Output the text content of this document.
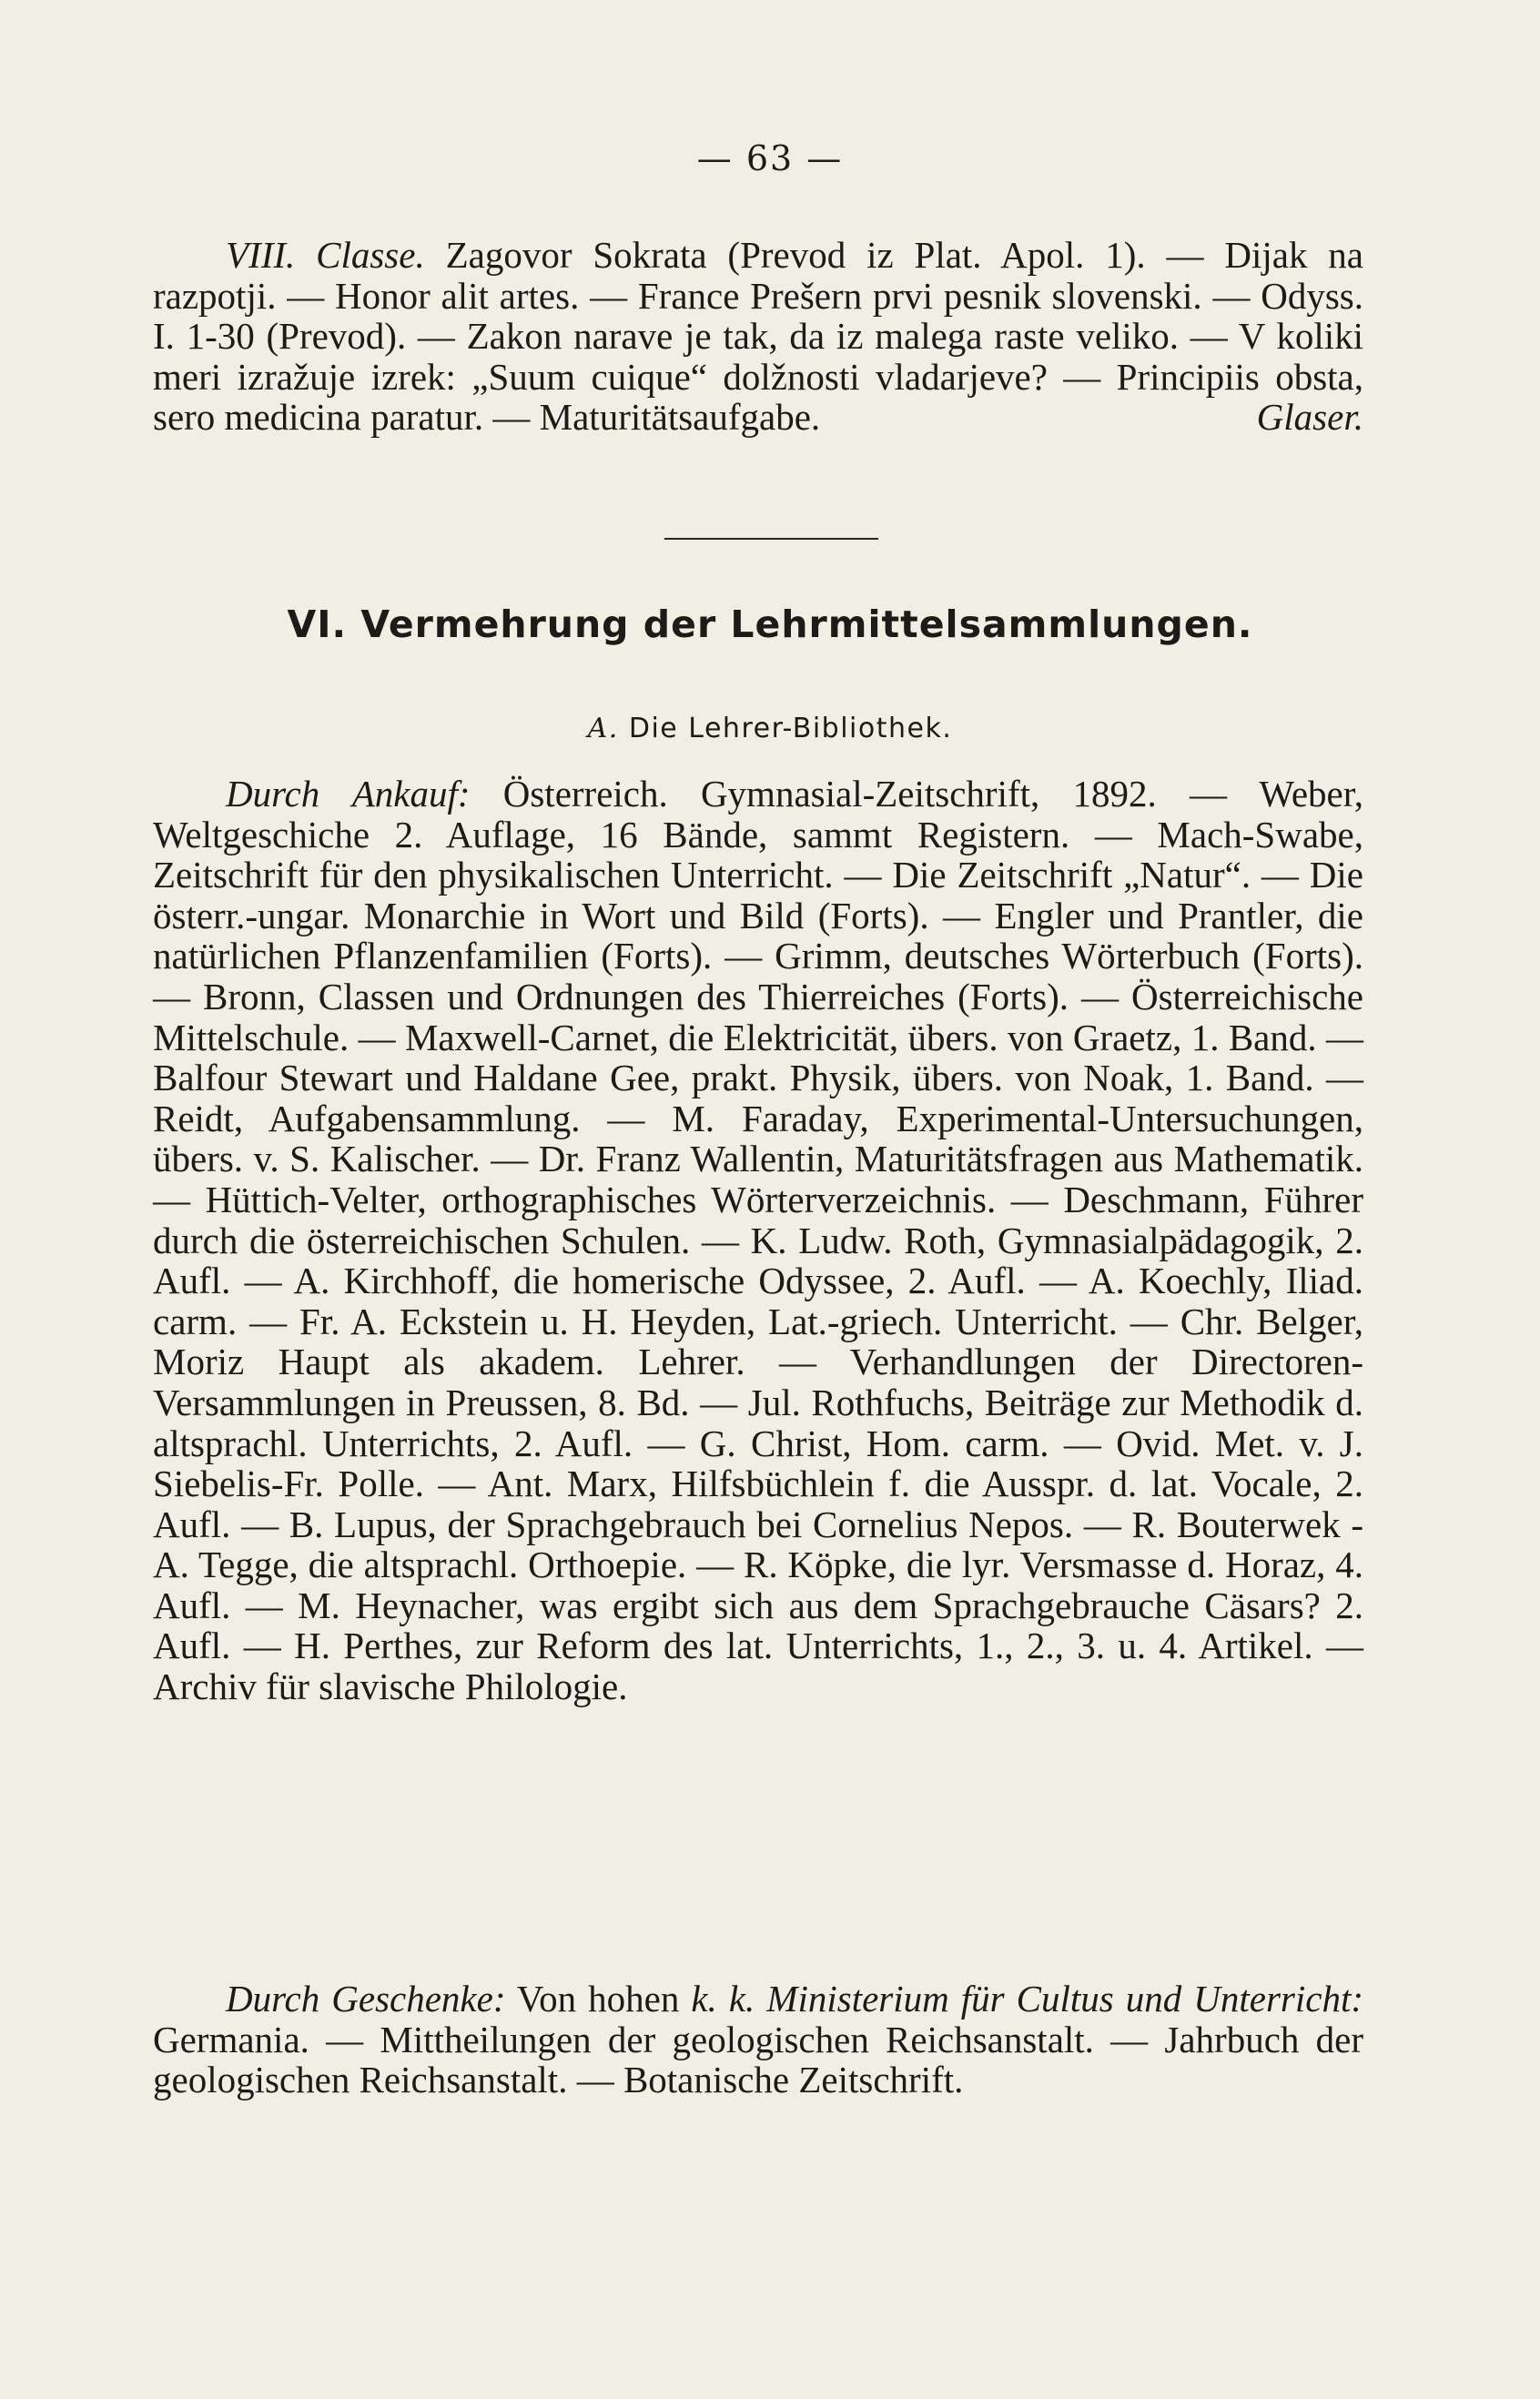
— 63 —

VIII. Classe. Zagovor Sokrata (Prevod iz Plat. Apol. 1). — Dijak na razpotji. — Honor alit artes. — France Prešern prvi pesnik slovenski. — Odyss. I. 1-30 (Prevod). — Zakon narave je tak, da iz malega raste veliko. — V koliki meri izražuje izrek: „Suum cuique“ dolžnosti vladarjeve? — Principiis obsta, sero medicina paratur. — Maturitätsaufgabe.	Glaser.

VI. Vermehrung der Lehrmittelsammlungen.
A. Die Lehrer-Bibliothek.

Durch Ankauf: Österreich. Gymnasial-Zeitschrift, 1892. — Weber, Weltgeschiche 2. Auflage, 16 Bände, sammt Registern. — Mach-Swabe, Zeitschrift für den physikalischen Unterricht. — Die Zeitschrift „Natur“. — Die österr.-ungar. Monarchie in Wort und Bild (Forts). — Engler und Prantler, die natürlichen Pflanzenfamilien (Forts). — Grimm, deutsches Wörterbuch (Forts). — Bronn, Classen und Ordnungen des Thierreiches (Forts). — Österreichische Mittelschule. — Maxwell-Carnet, die Elektricität, übers. von Graetz, 1. Band. — Balfour Stewart und Haldane Gee, prakt. Physik, übers. von Noak, 1. Band. — Reidt, Aufgabensammlung. — M. Faraday, Experimental-Untersuchungen, übers. v. S. Kalischer. — Dr. Franz Wallentin, Maturitätsfragen aus Mathematik. — Hüttich-Velter, orthographisches Wörterverzeichnis. — Deschmann, Führer durch die österreichischen Schulen. — K. Ludw. Roth, Gymnasialpädagogik, 2. Aufl. — A. Kirchhoff, die homerische Odyssee, 2. Aufl. — A. Koechly, Iliad. carm. — Fr. A. Eckstein u. H. Heyden, Lat.-griech. Unterricht. — Chr. Belger, Moriz Haupt als akadem. Lehrer. — Verhandlungen der Directoren-Versammlungen in Preussen, 8. Bd. — Jul. Rothfuchs, Beiträge zur Methodik d. altsprachl. Unterrichts, 2. Aufl. — G. Christ, Hom. carm. — Ovid. Met. v. J. Siebelis-Fr. Polle. — Ant. Marx, Hilfsbüchlein f. die Ausspr. d. lat. Vocale, 2. Aufl. — B. Lupus, der Sprachgebrauch bei Cornelius Nepos. — R. Bouterwek - A. Tegge, die altsprachl. Orthoepie. — R. Köpke, die lyr. Versmasse d. Horaz, 4. Aufl. — M. Heynacher, was ergibt sich aus dem Sprachgebrauche Cäsars? 2. Aufl. — H. Perthes, zur Reform des lat. Unterrichts, 1., 2., 3. u. 4. Artikel. — Archiv für slavische Philologie.

Durch Geschenke: Von hohen k. k. Ministerium für Cultus und Unterricht: Germania. — Mittheilungen der geologischen Reichsanstalt. — Jahrbuch der geologischen Reichsanstalt. — Botanische Zeitschrift.
